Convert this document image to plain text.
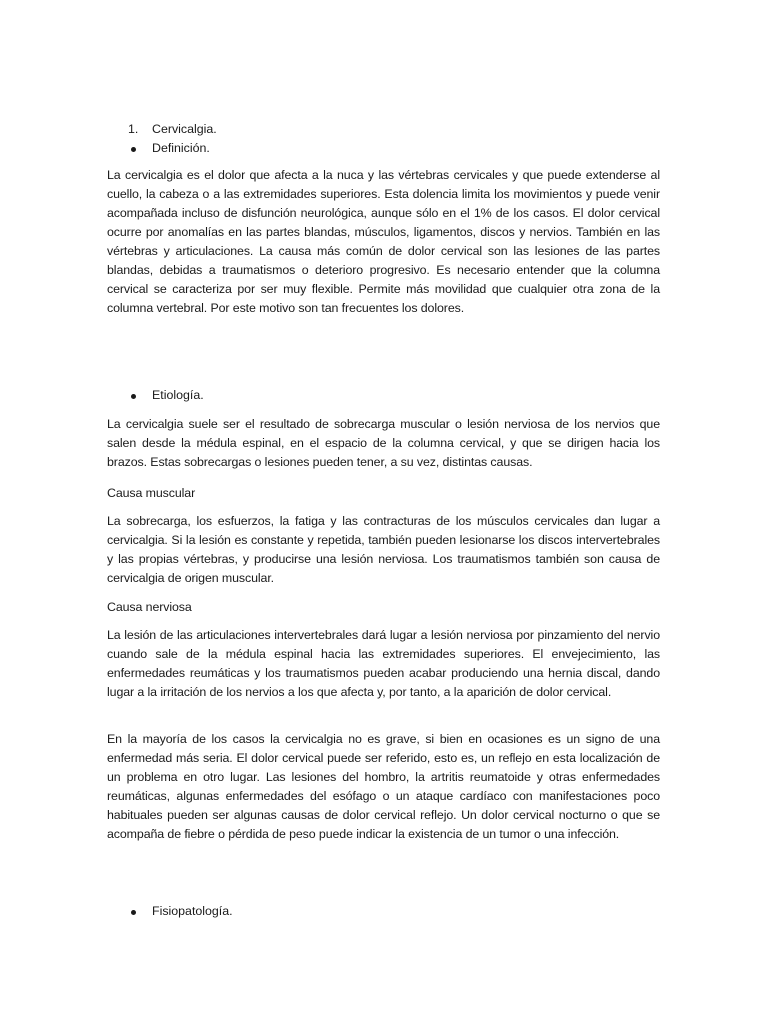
1.	Cervicalgia.
Definición.

La cervicalgia es el dolor que afecta a la nuca y las vértebras cervicales y que puede extenderse al cuello, la cabeza o a las extremidades superiores. Esta dolencia limita los movimientos y puede venir acompañada incluso de disfunción neurológica, aunque sólo en el 1% de los casos. El dolor cervical ocurre por anomalías en las partes blandas, músculos, ligamentos, discos y nervios. También en las vértebras y articulaciones. La causa más común de dolor cervical son las lesiones de las partes blandas, debidas a traumatismos o deterioro progresivo. Es necesario entender que la columna cervical se caracteriza por ser muy flexible. Permite más movilidad que cualquier otra zona de la columna vertebral. Por este motivo son tan frecuentes los dolores.

Etiología.

La cervicalgia suele ser el resultado de sobrecarga muscular o lesión nerviosa de los nervios que salen desde la médula espinal, en el espacio de la columna cervical, y que se dirigen hacia los brazos. Estas sobrecargas o lesiones pueden tener, a su vez, distintas causas.

Causa muscular

La sobrecarga, los esfuerzos, la fatiga y las contracturas de los músculos cervicales dan lugar a cervicalgia. Si la lesión es constante y repetida, también pueden lesionarse los discos intervertebrales y las propias vértebras, y producirse una lesión nerviosa. Los traumatismos también son causa de cervicalgia de origen muscular.

Causa nerviosa

La lesión de las articulaciones intervertebrales dará lugar a lesión nerviosa por pinzamiento del nervio cuando sale de la médula espinal hacia las extremidades superiores. El envejecimiento, las enfermedades reumáticas y los traumatismos pueden acabar produciendo una hernia discal, dando lugar a la irritación de los nervios a los que afecta y, por tanto, a la aparición de dolor cervical.

En la mayoría de los casos la cervicalgia no es grave, si bien en ocasiones es un signo de una enfermedad más seria. El dolor cervical puede ser referido, esto es, un reflejo en esta localización de un problema en otro lugar. Las lesiones del hombro, la artritis reumatoide y otras enfermedades reumáticas, algunas enfermedades del esófago o un ataque cardíaco con manifestaciones poco habituales pueden ser algunas causas de dolor cervical reflejo. Un dolor cervical nocturno o que se acompaña de fiebre o pérdida de peso puede indicar la existencia de un tumor o una infección.

Fisiopatología.
